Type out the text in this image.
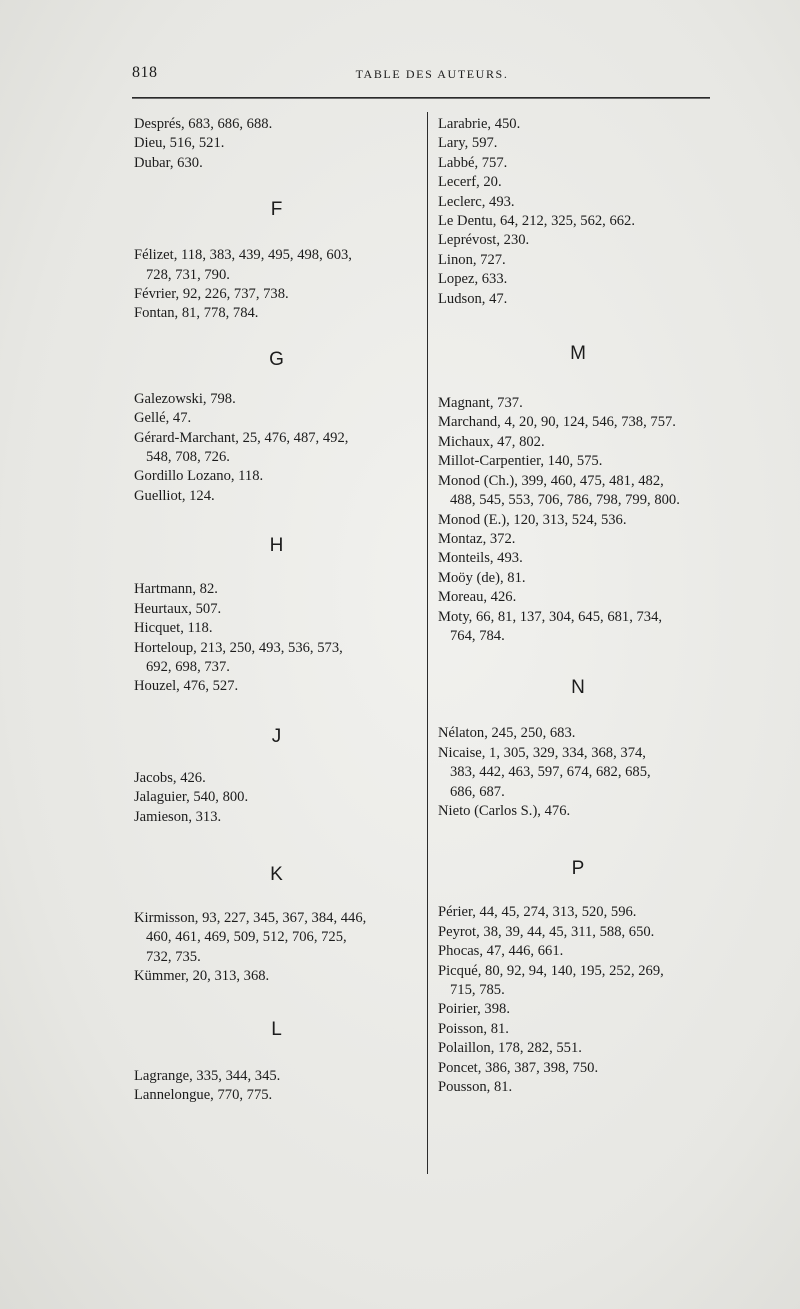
818	TABLE DES AUTEURS.
Després, 683, 686, 688.
Dieu, 516, 521.
Dubar, 630.
F
Félizet, 118, 383, 439, 495, 498, 603,
728, 731, 790.
Février, 92, 226, 737, 738.
Fontan, 81, 778, 784.
G
Galezowski, 798.
Gellé, 47.
Gérard-Marchant, 25, 476, 487, 492,
548, 708, 726.
Gordillo Lozano, 118.
Guelliot, 124.
H
Hartmann, 82.
Heurtaux, 507.
Hicquet, 118.
Horteloup, 213, 250, 493, 536, 573,
692, 698, 737.
Houzel, 476, 527.
J
Jacobs, 426.
Jalaguier, 540, 800.
Jamieson, 313.
K
Kirmisson, 93, 227, 345, 367, 384, 446,
460, 461, 469, 509, 512, 706, 725,
732, 735.
Kümmer, 20, 313, 368.
L
Lagrange, 335, 344, 345.
Lannelongue, 770, 775.
Larabrie, 450.
Lary, 597.
Labbé, 757.
Lecerf, 20.
Leclerc, 493.
Le Dentu, 64, 212, 325, 562, 662.
Leprévost, 230.
Linon, 727.
Lopez, 633.
Ludson, 47.
M
Magnant, 737.
Marchand, 4, 20, 90, 124, 546, 738, 757.
Michaux, 47, 802.
Millot-Carpentier, 140, 575.
Monod (Ch.), 399, 460, 475, 481, 482,
488, 545, 553, 706, 786, 798, 799, 800.
Monod (E.), 120, 313, 524, 536.
Montaz, 372.
Monteils, 493.
Moöy (de), 81.
Moreau, 426.
Moty, 66, 81, 137, 304, 645, 681, 734,
764, 784.
N
Nélaton, 245, 250, 683.
Nicaise, 1, 305, 329, 334, 368, 374,
383, 442, 463, 597, 674, 682, 685,
686, 687.
Nieto (Carlos S.), 476.
P
Périer, 44, 45, 274, 313, 520, 596.
Peyrot, 38, 39, 44, 45, 311, 588, 650.
Phocas, 47, 446, 661.
Picqué, 80, 92, 94, 140, 195, 252, 269,
715, 785.
Poirier, 398.
Poisson, 81.
Polaillon, 178, 282, 551.
Poncet, 386, 387, 398, 750.
Pousson, 81.
